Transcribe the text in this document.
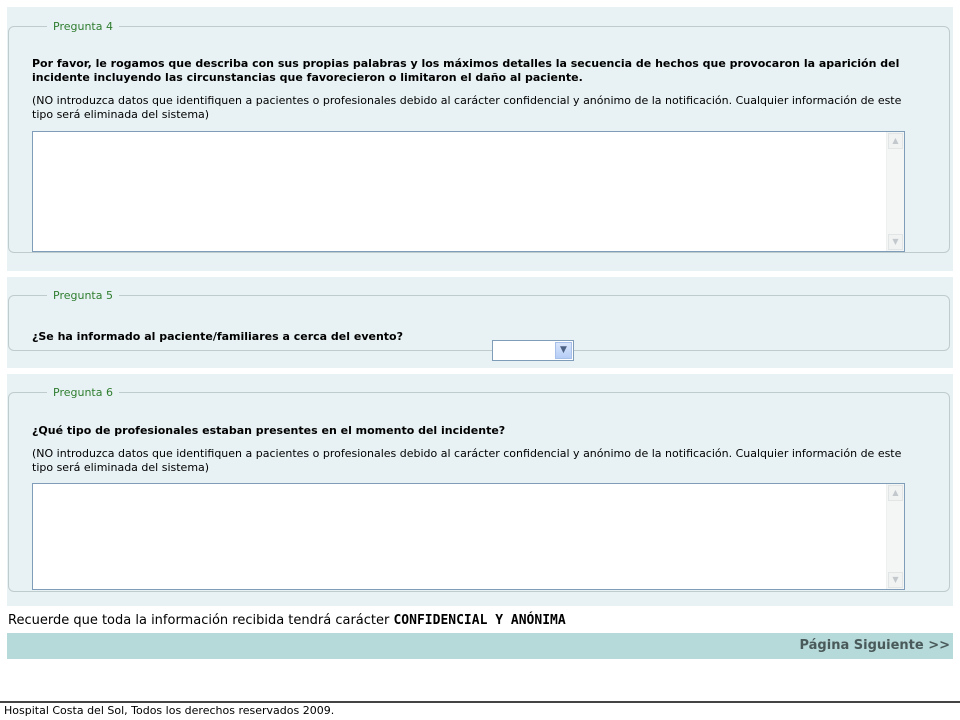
Pregunta 4

Por favor, le rogamos que describa con sus propias palabras y los máximos detalles la secuencia de hechos que provocaron la aparición del incidente incluyendo las circunstancias que favorecieron o limitaron el daño al paciente.

(NO introduzca datos que identifiquen a pacientes o profesionales debido al carácter confidencial y anónimo de la notificación. Cualquier información de este tipo será eliminada del sistema)

▲
▼
Pregunta 5

¿Se ha informado al paciente/familiares a cerca del evento?

▼
Pregunta 6

¿Qué tipo de profesionales estaban presentes en el momento del incidente?

(NO introduzca datos que identifiquen a pacientes o profesionales debido al carácter confidencial y anónimo de la notificación. Cualquier información de este tipo será eliminada del sistema)

▲
▼

Recuerde que toda la información recibida tendrá carácter CONFIDENCIAL Y ANÓNIMA

Página Siguiente >>

Hospital Costa del Sol, Todos los derechos reservados 2009.
